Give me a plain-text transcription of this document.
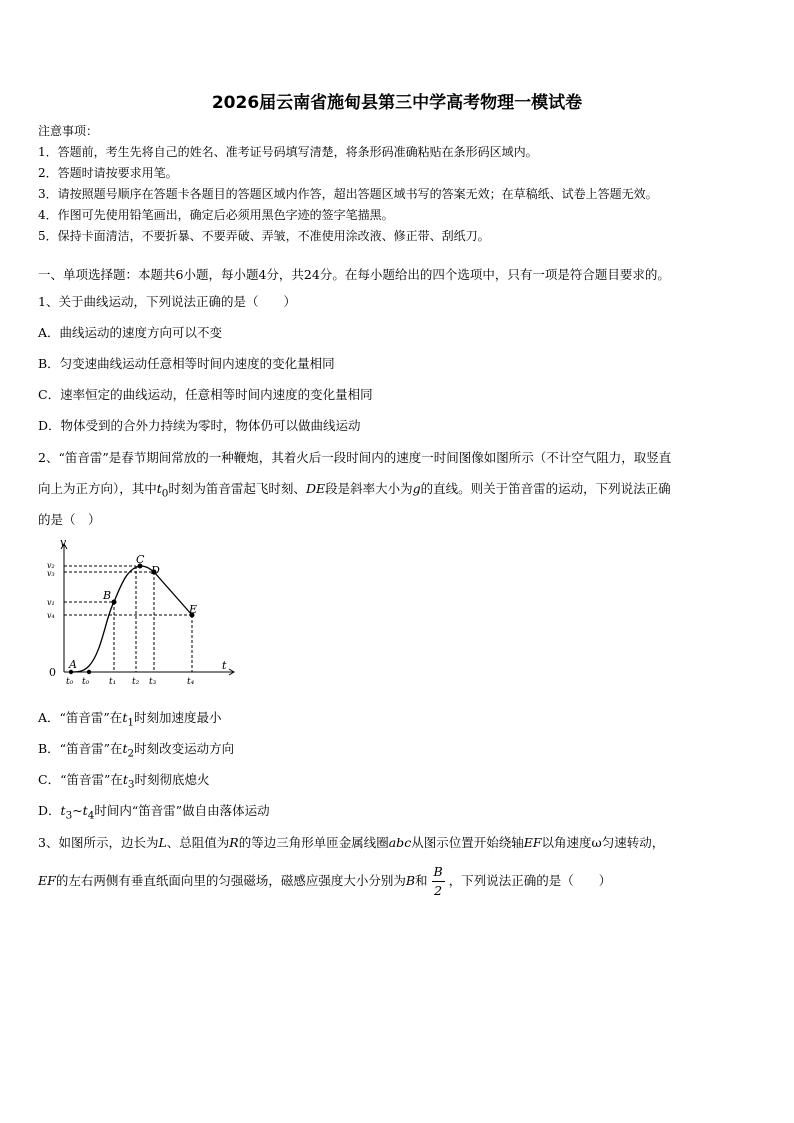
2026届云南省施甸县第三中学高考物理一模试卷
注意事项：
1．答题前，考生先将自己的姓名、准考证号码填写清楚，将条形码准确粘贴在条形码区域内。
2．答题时请按要求用笔。
3．请按照题号顺序在答题卡各题目的答题区域内作答，超出答题区域书写的答案无效；在草稿纸、试卷上答题无效。
4．作图可先使用铅笔画出，确定后必须用黑色字迹的签字笔描黑。
5．保持卡面清洁，不要折暴、不要弄破、弄皱，不准使用涂改液、修正带、刮纸刀。
一、单项选择题：本题共6小题，每小题4分，共24分。在每小题给出的四个选项中，只有一项是符合题目要求的。
1、关于曲线运动，下列说法正确的是（　　）
A．曲线运动的速度方向可以不变
B．匀变速曲线运动任意相等时间内速度的变化量相同
C．速率恒定的曲线运动，任意相等时间内速度的变化量相同
D．物体受到的合外力持续为零时，物体仍可以做曲线运动
2、“笛音雷”是春节期间常放的一种鞭炮，其着火后一段时间内的速度一时间图像如图所示（不计空气阻力，取竖直
向上为正方向），其中$t_0$时刻为笛音雷起飞时刻、DE段是斜率大小为g的直线。则关于笛音雷的运动，下列说法正确
的是（　）
v
t
0
v₂
v₃
v₁
v₄
t₀ t₀ t₁ t₂ t₃	t₄
A
B
C
D
E
A．“笛音雷”在$t_1$时刻加速度最小
B．“笛音雷”在$t_2$时刻改变运动方向
C．“笛音雷”在$t_3$时刻彻底熄火
D．$t_3\sim t_4$时间内“笛音雷”做自由落体运动
3、如图所示，边长为L、总阻值为R的等边三角形单匝金属线圈abc从图示位置开始绕轴EF以角速度ω匀速转动，
EF的左右两侧有垂直纸面向里的匀强磁场，磁感应强度大小分别为B和 $\frac{B}{2}$ ，下列说法正确的是（　　）
